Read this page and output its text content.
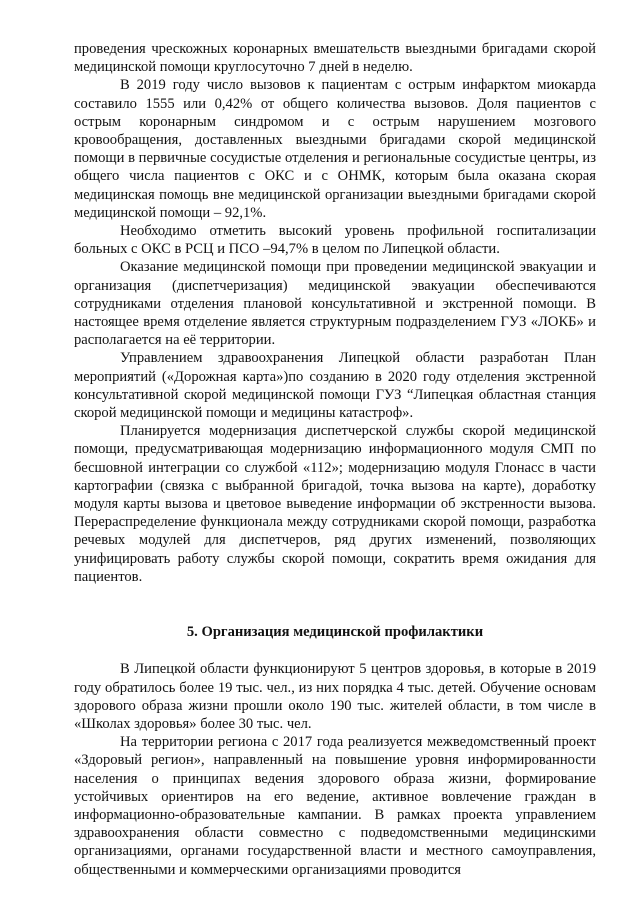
проведения чрескожных коронарных вмешательств выездными бригадами скорой медицинской помощи круглосуточно 7 дней в неделю.

В 2019 году число вызовов к пациентам с острым инфарктом миокарда составило 1555 или 0,42% от общего количества вызовов. Доля пациентов с острым коронарным синдромом и с острым нарушением мозгового кровообращения, доставленных выездными бригадами скорой медицинской помощи в первичные сосудистые отделения и региональные сосудистые центры, из общего числа пациентов с ОКС и с ОНМК, которым была оказана скорая медицинская помощь вне медицинской организации выездными бригадами скорой медицинской помощи – 92,1%.

Необходимо отметить высокий уровень профильной госпитализации больных с ОКС в РСЦ и ПСО –94,7% в целом по Липецкой области.

Оказание медицинской помощи при проведении медицинской эвакуации и организация (диспетчеризация) медицинской эвакуации обеспечиваются сотрудниками отделения плановой консультативной и экстренной помощи. В настоящее время отделение является структурным подразделением ГУЗ «ЛОКБ» и располагается на её территории.

Управлением здравоохранения Липецкой области разработан План мероприятий («Дорожная карта»)по созданию в 2020 году отделения экстренной консультативной скорой медицинской помощи ГУЗ “Липецкая областная станция скорой медицинской помощи и медицины катастроф».

Планируется модернизация диспетчерской службы скорой медицинской помощи, предусматривающая модернизацию информационного модуля СМП по бесшовной интеграции со службой «112»; модернизацию модуля Глонасс в части картографии (связка с выбранной бригадой, точка вызова на карте), доработку модуля карты вызова и цветовое выведение информации об экстренности вызова. Перераспределение функционала между сотрудниками скорой помощи, разработка речевых модулей для диспетчеров, ряд других изменений, позволяющих унифицировать работу службы скорой помощи, сократить время ожидания для пациентов.

5. Организация медицинской профилактики

В Липецкой области функционируют 5 центров здоровья, в которые в 2019 году обратилось более 19 тыс. чел., из них порядка 4 тыс. детей. Обучение основам здорового образа жизни прошли около 190 тыс. жителей области, в том числе в «Школах здоровья» более 30 тыс. чел.

На территории региона с 2017 года реализуется межведомственный проект «Здоровый регион», направленный на повышение уровня информированности населения о принципах ведения здорового образа жизни, формирование устойчивых ориентиров на его ведение, активное вовлечение граждан в информационно-образовательные кампании. В рамках проекта управлением здравоохранения области совместно с подведомственными медицинскими организациями, органами государственной власти и местного самоуправления, общественными и коммерческими организациями проводится
